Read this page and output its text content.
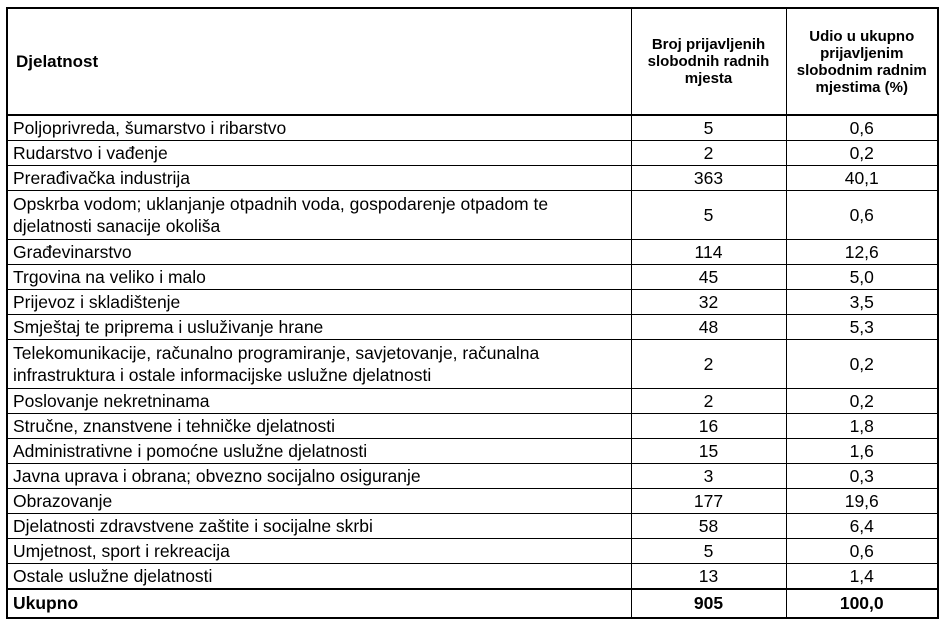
Djelatnost	Broj prijavljenih slobodnih radnih mjesta	Udio u ukupno prijavljenim slobodnim radnim mjestima (%)
Poljoprivreda, šumarstvo i ribarstvo	5	0,6
Rudarstvo i vađenje	2	0,2
Prerađivačka industrija	363	40,1
Opskrba vodom; uklanjanje otpadnih voda, gospodarenje otpadom te djelatnosti sanacije okoliša	5	0,6
Građevinarstvo	114	12,6
Trgovina na veliko i malo	45	5,0
Prijevoz i skladištenje	32	3,5
Smještaj te priprema i usluživanje hrane	48	5,3
Telekomunikacije, računalno programiranje, savjetovanje, računalna infrastruktura i ostale informacijske uslužne djelatnosti	2	0,2
Poslovanje nekretninama	2	0,2
Stručne, znanstvene i tehničke djelatnosti	16	1,8
Administrativne i pomoćne uslužne djelatnosti	15	1,6
Javna uprava i obrana; obvezno socijalno osiguranje	3	0,3
Obrazovanje	177	19,6
Djelatnosti zdravstvene zaštite i socijalne skrbi	58	6,4
Umjetnost, sport i rekreacija	5	0,6
Ostale uslužne djelatnosti	13	1,4
Ukupno	905	100,0
